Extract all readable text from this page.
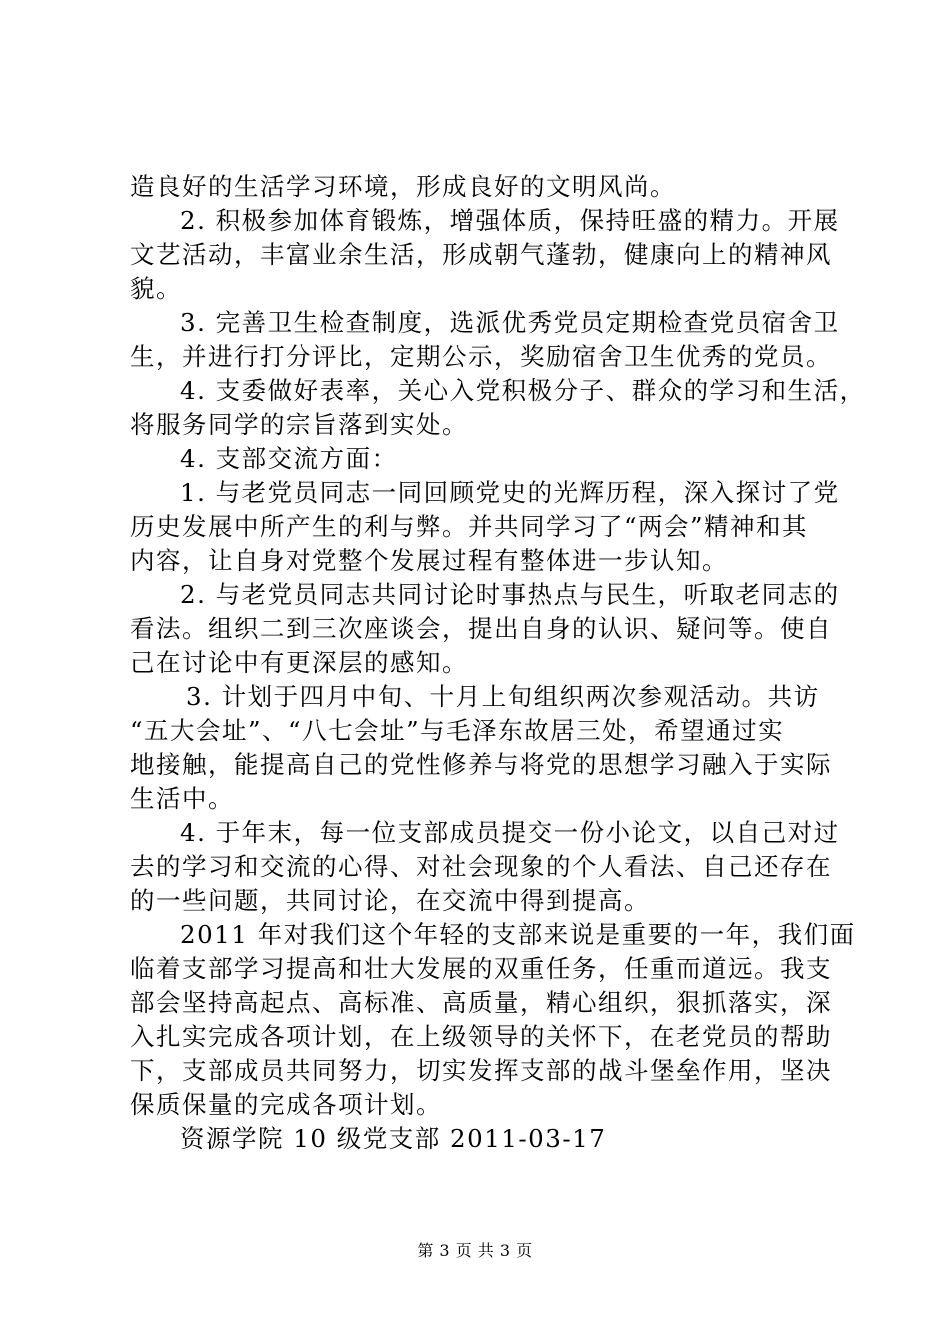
造良好的生活学习环境，形成良好的文明风尚。
2. 积极参加体育锻炼，增强体质，保持旺盛的精力。开展
文艺活动，丰富业余生活，形成朝气蓬勃，健康向上的精神风
貌。
3. 完善卫生检查制度，选派优秀党员定期检查党员宿舍卫
生，并进行打分评比，定期公示，奖励宿舍卫生优秀的党员。
4. 支委做好表率，关心入党积极分子、群众的学习和生活，
将服务同学的宗旨落到实处。
4. 支部交流方面：
1. 与老党员同志一同回顾党史的光辉历程，深入探讨了党
历史发展中所产生的利与弊。并共同学习了“两会”精神和其
内容，让自身对党整个发展过程有整体进一步认知。
2. 与老党员同志共同讨论时事热点与民生，听取老同志的
看法。组织二到三次座谈会，提出自身的认识、疑问等。使自
己在讨论中有更深层的感知。
3. 计划于四月中旬、十月上旬组织两次参观活动。共访
“五大会址”、“八七会址”与毛泽东故居三处，希望通过实
地接触，能提高自己的党性修养与将党的思想学习融入于实际
生活中。
4. 于年末，每一位支部成员提交一份小论文，以自己对过
去的学习和交流的心得、对社会现象的个人看法、自己还存在
的一些问题，共同讨论，在交流中得到提高。
2011 年对我们这个年轻的支部来说是重要的一年，我们面
临着支部学习提高和壮大发展的双重任务，任重而道远。我支
部会坚持高起点、高标准、高质量，精心组织，狠抓落实，深
入扎实完成各项计划，在上级领导的关怀下，在老党员的帮助
下，支部成员共同努力，切实发挥支部的战斗堡垒作用，坚决
保质保量的完成各项计划。
资源学院 10 级党支部 2011-03-17
第 3 页 共 3 页
